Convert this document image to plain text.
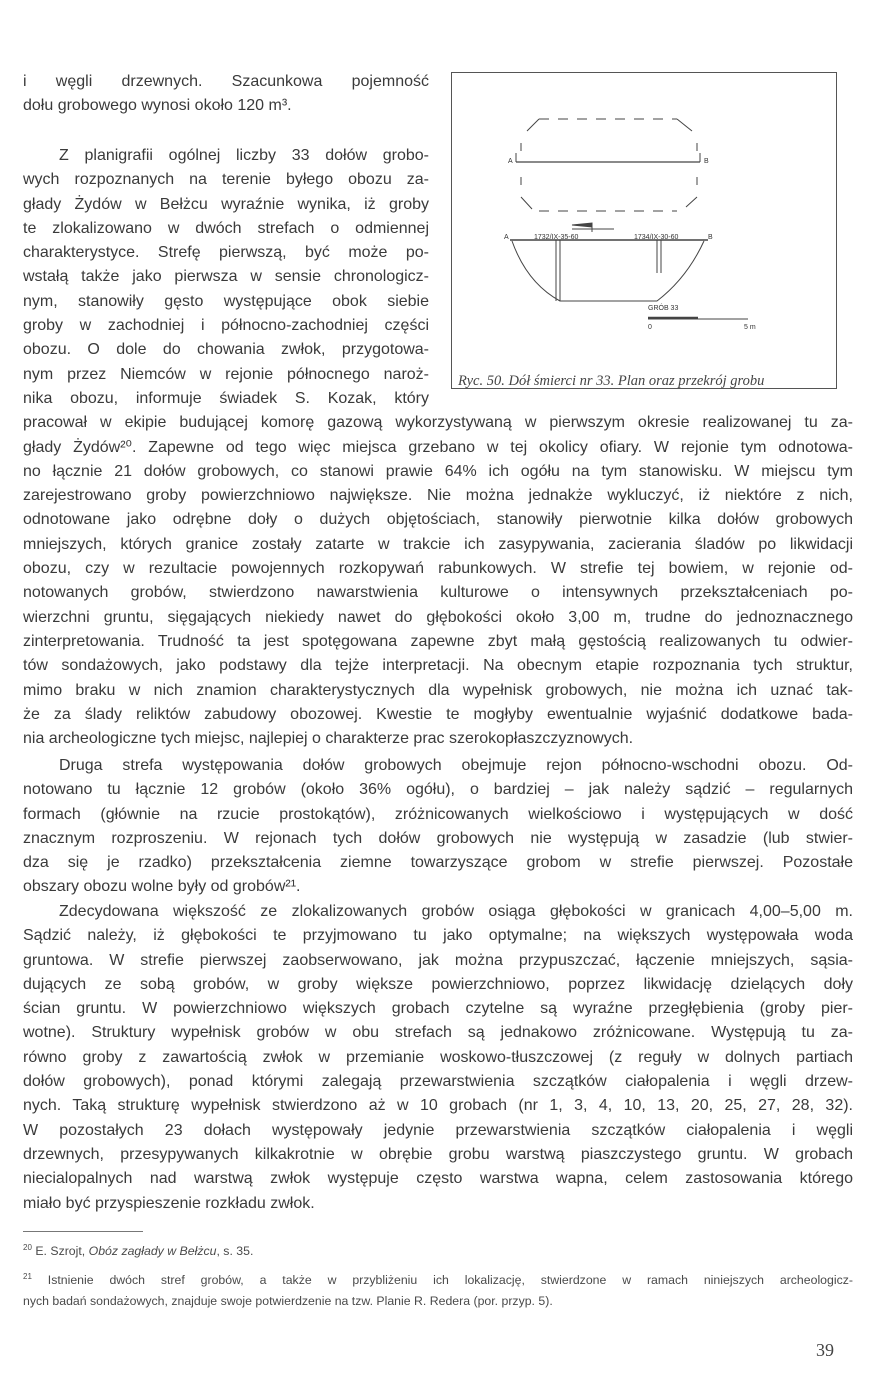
i węgli drzewnych. Szacunkowa pojemność
dołu grobowego wynosi około 120 m³.
Z planigrafii ogólnej liczby 33 dołów grobo-
wych rozpoznanych na terenie byłego obozu za-
głady Żydów w Bełżcu wyraźnie wynika, iż groby
te zlokalizowano w dwóch strefach o odmiennej
charakterystyce. Strefę pierwszą, być może po-
wstałą także jako pierwsza w sensie chronologicz-
nym, stanowiły gęsto występujące obok siebie
groby w zachodniej i północno-zachodniej części
obozu. O dole do chowania zwłok, przygotowa-
nym przez Niemców w rejonie północnego naroż-
nika obozu, informuje świadek S. Kozak, który
pracował w ekipie budującej komorę gazową wykorzystywaną w pierwszym okresie realizowanej tu za-
głady Żydów²⁰. Zapewne od tego więc miejsca grzebano w tej okolicy ofiary. W rejonie tym odnotowa-
no łącznie 21 dołów grobowych, co stanowi prawie 64% ich ogółu na tym stanowisku. W miejscu tym
zarejestrowano groby powierzchniowo największe. Nie można jednakże wykluczyć, iż niektóre z nich,
odnotowane jako odrębne doły o dużych objętościach, stanowiły pierwotnie kilka dołów grobowych
mniejszych, których granice zostały zatarte w trakcie ich zasypywania, zacierania śladów po likwidacji
obozu, czy w rezultacie powojennych rozkopywań rabunkowych. W strefie tej bowiem, w rejonie od-
notowanych grobów, stwierdzono nawarstwienia kulturowe o intensywnych przekształceniach po-
wierzchni gruntu, sięgających niekiedy nawet do głębokości około 3,00 m, trudne do jednoznacznego
zinterpretowania. Trudność ta jest spotęgowana zapewne zbyt małą gęstością realizowanych tu odwier-
tów sondażowych, jako podstawy dla tejże interpretacji. Na obecnym etapie rozpoznania tych struktur,
mimo braku w nich znamion charakterystycznych dla wypełnisk grobowych, nie można ich uznać tak-
że za ślady reliktów zabudowy obozowej. Kwestie te mogłyby ewentualnie wyjaśnić dodatkowe bada-
nia archeologiczne tych miejsc, najlepiej o charakterze prac szerokopłaszczyznowych.
Druga strefa występowania dołów grobowych obejmuje rejon północno-wschodni obozu. Od-
notowano tu łącznie 12 grobów (około 36% ogółu), o bardziej – jak należy sądzić – regularnych
formach (głównie na rzucie prostokątów), zróżnicowanych wielkościowo i występujących w dość
znacznym rozproszeniu. W rejonach tych dołów grobowych nie występują w zasadzie (lub stwier-
dza się je rzadko) przekształcenia ziemne towarzyszące grobom w strefie pierwszej. Pozostałe
obszary obozu wolne były od grobów²¹.
Zdecydowana większość ze zlokalizowanych grobów osiąga głębokości w granicach 4,00–5,00 m.
Sądzić należy, iż głębokości te przyjmowano tu jako optymalne; na większych występowała woda
gruntowa. W strefie pierwszej zaobserwowano, jak można przypuszczać, łączenie mniejszych, sąsia-
dujących ze sobą grobów, w groby większe powierzchniowo, poprzez likwidację dzielących doły
ścian gruntu. W powierzchniowo większych grobach czytelne są wyraźne przegłębienia (groby pier-
wotne). Struktury wypełnisk grobów w obu strefach są jednakowo zróżnicowane. Występują tu za-
równo groby z zawartością zwłok w przemianie woskowo-tłuszczowej (z reguły w dolnych partiach
dołów grobowych), ponad którymi zalegają przewarstwienia szczątków ciałopalenia i węgli drzew-
nych. Taką strukturę wypełnisk stwierdzono aż w 10 grobach (nr 1, 3, 4, 10, 13, 20, 25, 27, 28, 32).
W pozostałych 23 dołach występowały jedynie przewarstwienia szczątków ciałopalenia i węgli
drzewnych, przesypywanych kilkakrotnie w obrębie grobu warstwą piaszczystego gruntu. W grobach
niecialopalnych nad warstwą zwłok występuje często warstwa wapna, celem zastosowania którego
miało być przyspieszenie rozkładu zwłok.
A	B
A	B
1732/IX-35-60	1734/IX-30-60
GRÓB 33
0	5 m

Ryc. 50. Dół śmierci nr 33. Plan oraz przekrój grobu

$^{20}$ E. Szrojt, Obóz zagłady w Bełżcu, s. 35.
$^{21}$ Istnienie dwóch stref grobów, a także w przybliżeniu ich lokalizację, stwierdzone w ramach niniejszych archeologicz-
nych badań sondażowych, znajduje swoje potwierdzenie na tzw. Planie R. Redera (por. przyp. 5).

39
